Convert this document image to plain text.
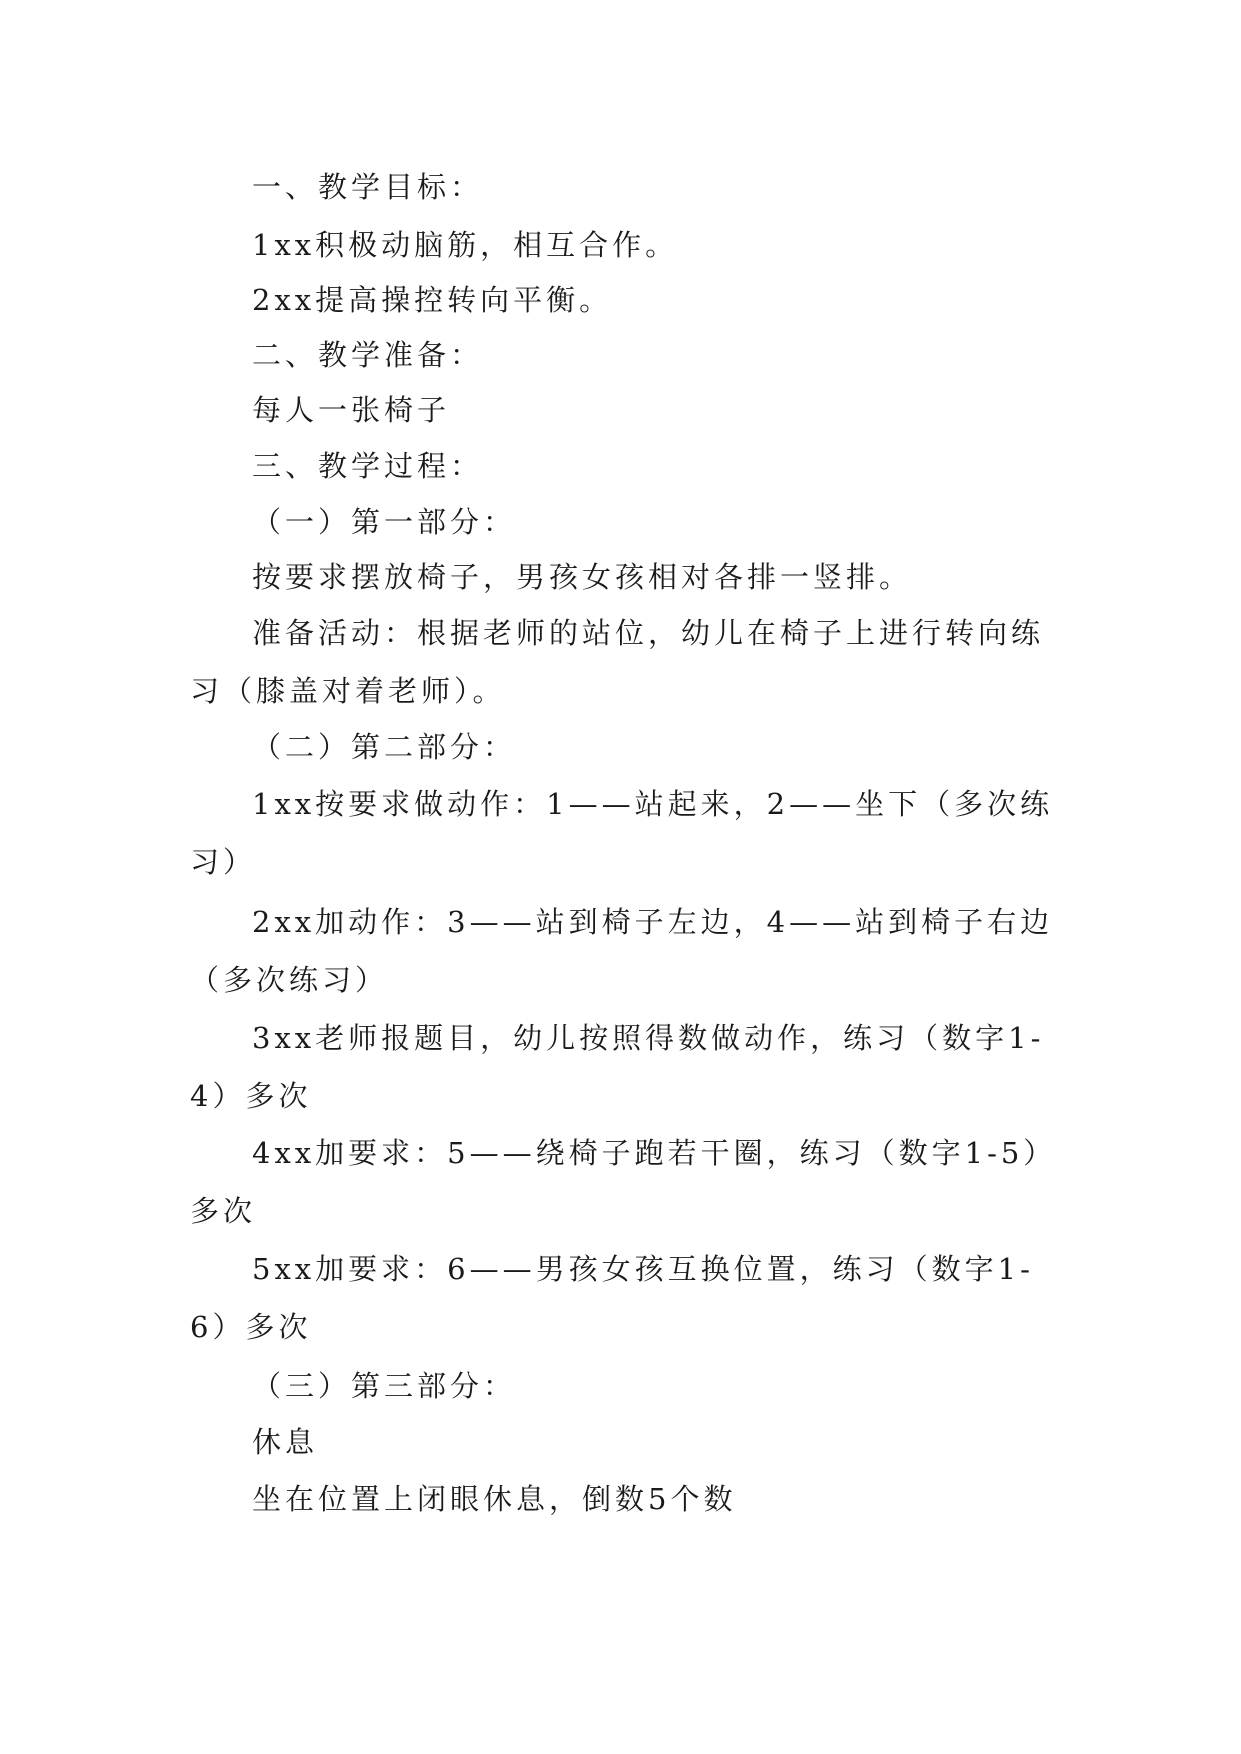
一、教学目标：

1xx积极动脑筋，相互合作。

2xx提高操控转向平衡。

二、教学准备：

每人一张椅子

三、教学过程：

（一）第一部分：

按要求摆放椅子，男孩女孩相对各排一竖排。

准备活动：根据老师的站位，幼儿在椅子上进行转向练习（膝盖对着老师）。

（二）第二部分：

1xx按要求做动作：1——站起来，2——坐下（多次练习）

2xx加动作：3——站到椅子左边，4——站到椅子右边（多次练习）

3xx老师报题目，幼儿按照得数做动作，练习（数字1-4）多次

4xx加要求：5——绕椅子跑若干圈，练习（数字1-5）多次

5xx加要求：6——男孩女孩互换位置，练习（数字1-6）多次

（三）第三部分：

休息

坐在位置上闭眼休息，倒数5个数
